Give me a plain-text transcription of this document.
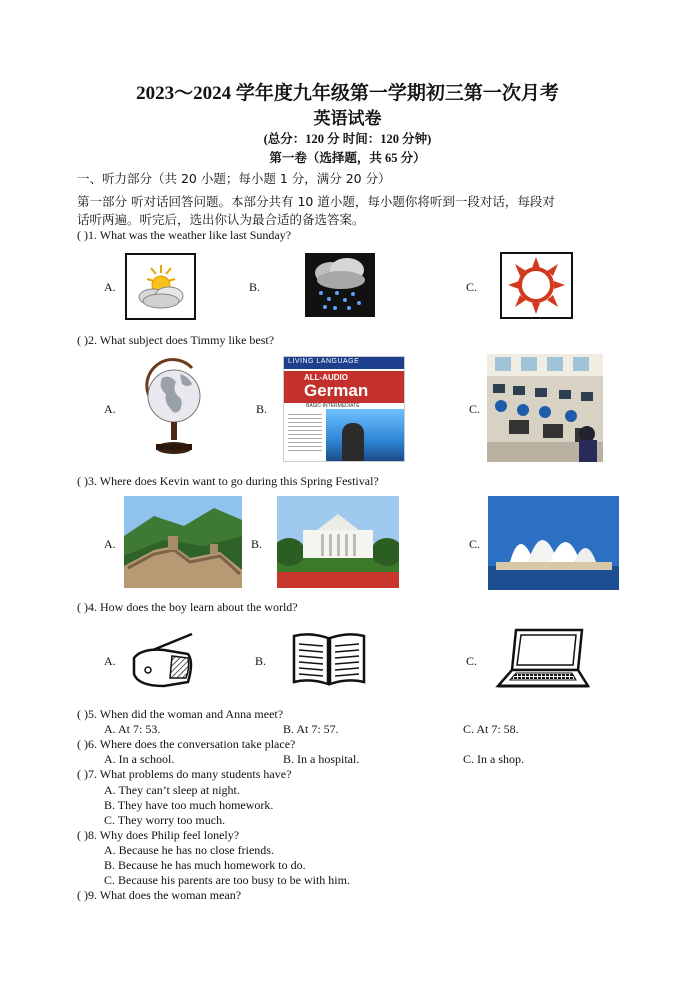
2023～2024 学年度九年级第一学期初三第一次月考
英语试卷
(总分：120 分 时间：120 分钟)
第一卷（选择题，共 65 分）
一、听力部分（共 20 小题；每小题 1 分，满分 20 分）
第一部分 听对话回答问题。本部分共有 10 道小题，每小题你将听到一段对话，每段对
话听两遍。听完后，选出你认为最合适的备选答案。
( )1. What was the weather like last Sunday?
A.	B.	C.
( )2. What subject does Timmy like best?
A.	B.
LIVING LANGUAGE
ALL-AUDIO
German
BASIC-INTERMEDIATE	C.
( )3. Where does Kevin want to go during this Spring Festival?
A.	B.	C.
( )4. How does the boy learn about the world?
A.	B.	C.
( )5. When did the woman and Anna meet?
A. At 7: 53.	B. At 7: 57.	C. At 7: 58.
( )6. Where does the conversation take place?
A. In a school.	B. In a hospital.	C. In a shop.
( )7. What problems do many students have?
A. They can’t sleep at night.
B. They have too much homework.
C. They worry too much.
( )8. Why does Philip feel lonely?
A. Because he has no close friends.
B. Because he has much homework to do.
C. Because his parents are too busy to be with him.
( )9. What does the woman mean?
